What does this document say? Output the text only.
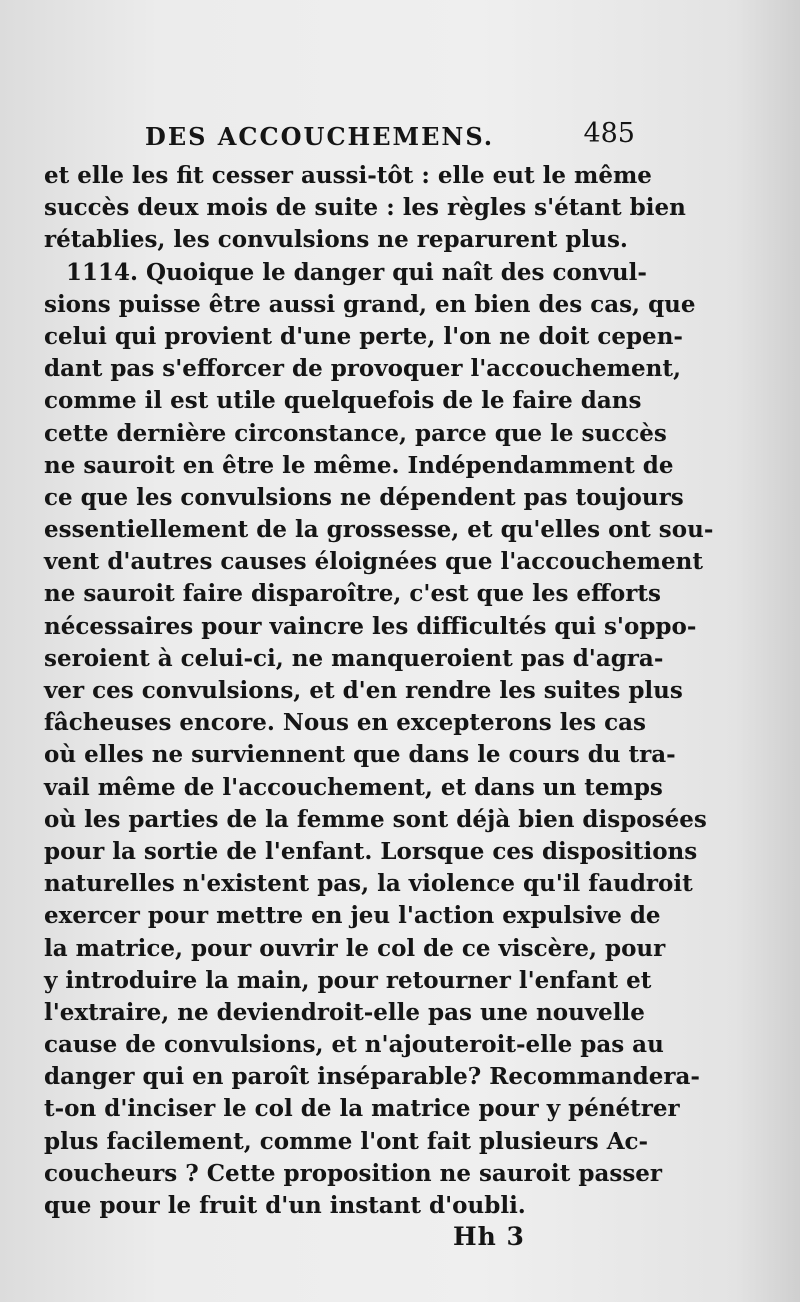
DES ACCOUCHEMENS.	485
et elle les fit cesser aussi-tôt : elle eut le même
succès deux mois de suite : les règles s'étant bien
rétablies, les convulsions ne reparurent plus.
1114. Quoique le danger qui naît des convul-
sions puisse être aussi grand, en bien des cas, que
celui qui provient d'une perte, l'on ne doit cepen-
dant pas s'efforcer de provoquer l'accouchement,
comme il est utile quelquefois de le faire dans
cette dernière circonstance, parce que le succès
ne sauroit en être le même. Indépendamment de
ce que les convulsions ne dépendent pas toujours
essentiellement de la grossesse, et qu'elles ont sou-
vent d'autres causes éloignées que l'accouchement
ne sauroit faire disparoître, c'est que les efforts
nécessaires pour vaincre les difficultés qui s'oppo-
seroient à celui-ci, ne manqueroient pas d'agra-
ver ces convulsions, et d'en rendre les suites plus
fâcheuses encore. Nous en excepterons les cas
où elles ne surviennent que dans le cours du tra-
vail même de l'accouchement, et dans un temps
où les parties de la femme sont déjà bien disposées
pour la sortie de l'enfant. Lorsque ces dispositions
naturelles n'existent pas, la violence qu'il faudroit
exercer pour mettre en jeu l'action expulsive de
la matrice, pour ouvrir le col de ce viscère, pour
y introduire la main, pour retourner l'enfant et
l'extraire, ne deviendroit-elle pas une nouvelle
cause de convulsions, et n'ajouteroit-elle pas au
danger qui en paroît inséparable? Recommandera-
t-on d'inciser le col de la matrice pour y pénétrer
plus facilement, comme l'ont fait plusieurs Ac-
coucheurs ? Cette proposition ne sauroit passer
que pour le fruit d'un instant d'oubli.
Hh 3
